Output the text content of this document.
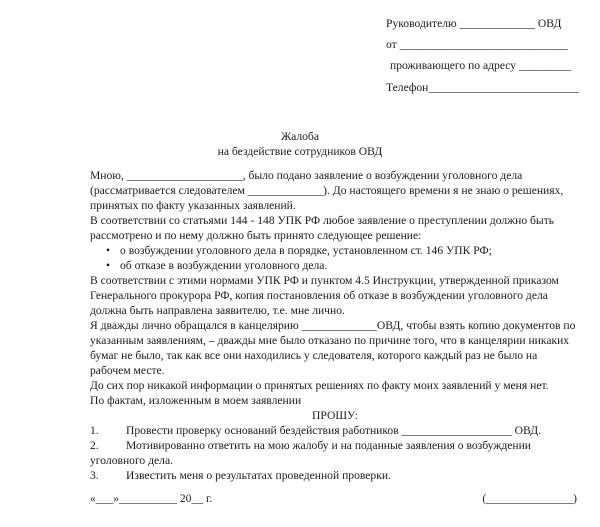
Руководителю _____________ ОВД
от _____________________________
проживающего по адресу _________
Телефон__________________________
Жалоба
на бездействие сотрудников ОВД

Мною, ____________________, было подано заявление о возбуждении уголовного дела (рассматривается следователем _____________). До настоящего времени я не знаю о решениях, принятых по факту указанных заявлений.

В соответствии со статьями 144 - 148 УПК РФ любое заявление о преступлении должно быть рассмотрено и по нему должно быть принято следующее решение:

• о возбуждении уголовного дела в порядке, установленном ст. 146 УПК РФ;
• об отказе в возбуждении уголовного дела.

В соответствии с этими нормами УПК РФ и пунктом 4.5 Инструкции, утвержденной приказом Генерального прокурора РФ, копия постановления об отказе в возбуждении уголовного дела должна быть направлена заявителю, т.е. мне лично.

Я дважды лично обращался в канцелярию _____________ОВД, чтобы взять копию документов по указанным заявлениям, – дважды мне было отказано по причине того, что в канцелярии никаких бумаг не было, так как все они находились у следователя, которого каждый раз не было на рабочем месте.

До сих пор никакой информации о принятых решениях по факту моих заявлений у меня нет.

По фактам, изложенным в моем заявлении

ПРОШУ:
1. Провести проверку оснований бездействия работников ___________________ ОВД.
2. Мотивированно ответить на мою жалобу и на поданные заявления о возбуждении уголовного дела.
3. Известить меня о результатах проведенной проверки.
«___»__________ 20__ г.	(_______________)
